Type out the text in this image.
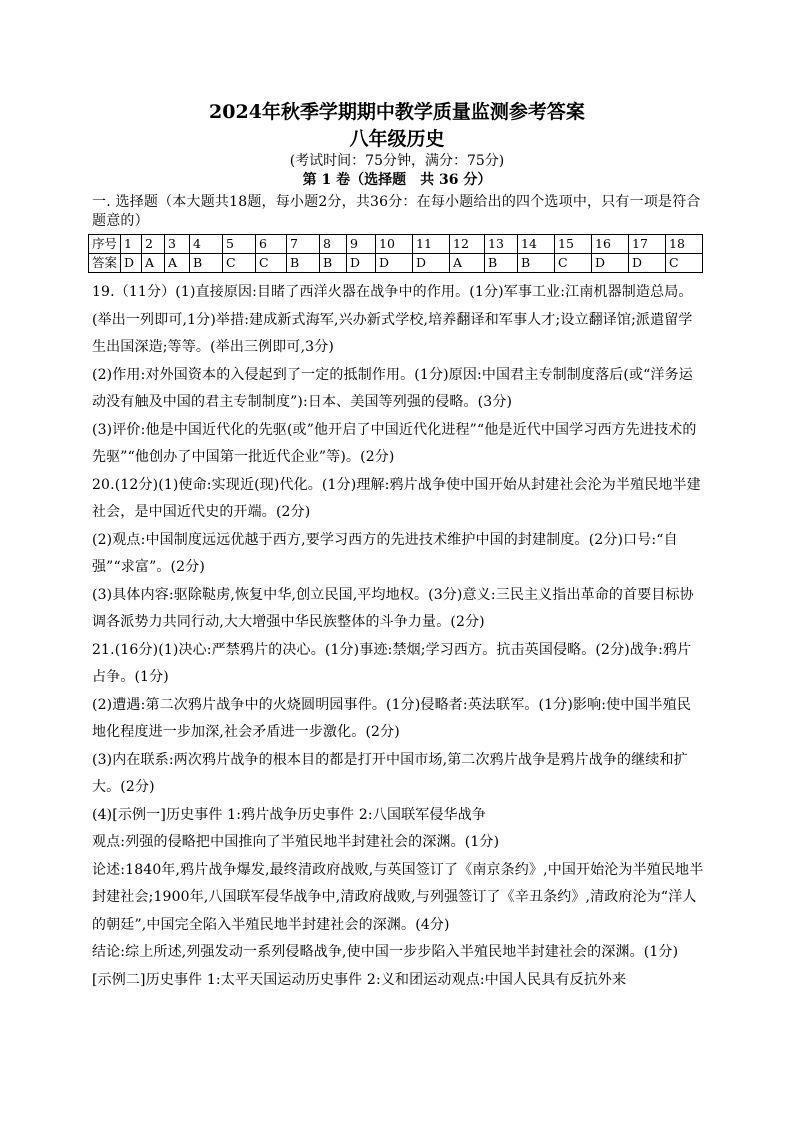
2024年秋季学期期中教学质量监测参考答案
八年级历史
(考试时间：75分钟，满分：75分)
第 1 卷（选择题　共 36 分）
一. 选择题（本大题共18题，每小题2分，共36分：在每小题给出的四个选项中，只有一项是符合题意的）
序号	1	2	3	4	5	6	7	8	9	10	11	12	13	14	15	16	17	18
答案	D	A	A	B	C	C	B	B	D	D	D	A	B	B	C	D	D	C

19.（11分）(1)直接原因:目睹了西洋火器在战争中的作用。(1分)军事工业:江南机器制造总局。(举出一列即可,1分)举措:建成新式海军,兴办新式学校,培养翻译和军事人才;设立翻译馆;派遣留学生出国深造;等等。(举出三例即可,3分)

(2)作用:对外国资本的入侵起到了一定的抵制作用。(1分)原因:中国君主专制制度落后(或“洋务运动没有触及中国的君主专制制度”):日本、美国等列强的侵略。(3分)

(3)评价:他是中国近代化的先驱(或”他开启了中国近代化进程”“他是近代中国学习西方先进技术的先驱”“他创办了中国第一批近代企业”等)。(2分)

20.(12分)(1)使命:实现近(现)代化。(1分)理解:鸦片战争使中国开始从封建社会沦为半殖民地半建社会，是中国近代史的开端。(2分)

(2)观点:中国制度远远优越于西方,要学习西方的先进技术维护中国的封建制度。(2分)口号:“自强”“求富”。(2分)

(3)具体内容:驱除鞑虏,恢复中华,创立民国,平均地权。(3分)意义:三民主义指出革命的首要目标协调各派势力共同行动,大大增强中华民族整体的斗争力量。(2分)

21.(16分)(1)决心:严禁鸦片的决心。(1分)事迹:禁烟;学习西方。抗击英国侵略。(2分)战争:鸦片占争。(1分)

(2)遭遇:第二次鸦片战争中的火烧圆明园事件。(1分)侵略者:英法联军。(1分)影响:使中国半殖民地化程度进一步加深,社会矛盾进一步激化。(2分)

(3)内在联系:两次鸦片战争的根本目的都是打开中国市场,第二次鸦片战争是鸦片战争的继续和扩

大。(2分)

(4)[示例一]历史事件 1:鸦片战争历史事件 2:八国联军侵华战争

观点:列强的侵略把中国推向了半殖民地半封建社会的深渊。(1分)

论述:1840年,鸦片战争爆发,最终清政府战败,与英国签订了《南京条约》,中国开始沦为半殖民地半封建社会;1900年,八国联军侵华战争中,清政府战败,与列强签订了《辛丑条约》,清政府沦为“洋人的朝廷”,中国完全陷入半殖民地半封建社会的深渊。(4分)

结论:综上所述,列强发动一系列侵略战争,使中国一步步陷入半殖民地半封建社会的深渊。(1分)

[示例二]历史事件 1:太平天国运动历史事件 2:义和团运动观点:中国人民具有反抗外来
